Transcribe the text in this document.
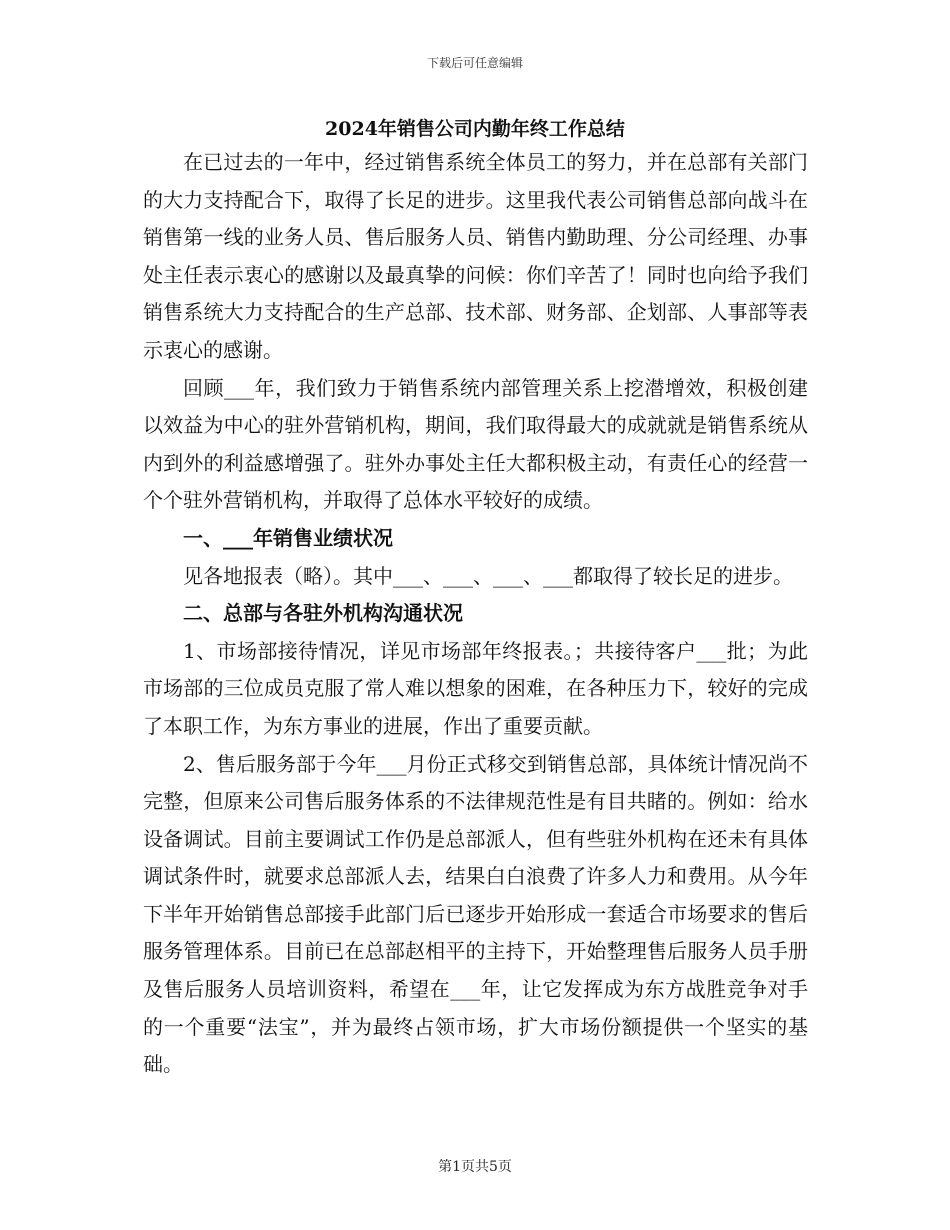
下载后可任意编辑
2024年销售公司内勤年终工作总结

在已过去的一年中，经过销售系统全体员工的努力，并在总部有关部门的大力支持配合下，取得了长足的进步。这里我代表公司销售总部向战斗在销售第一线的业务人员、售后服务人员、销售内勤助理、分公司经理、办事处主任表示衷心的感谢以及最真挚的问候：你们辛苦了！同时也向给予我们销售系统大力支持配合的生产总部、技术部、财务部、企划部、人事部等表示衷心的感谢。

回顾___年，我们致力于销售系统内部管理关系上挖潜增效，积极创建以效益为中心的驻外营销机构，期间，我们取得最大的成就就是销售系统从内到外的利益感增强了。驻外办事处主任大都积极主动，有责任心的经营一个个驻外营销机构，并取得了总体水平较好的成绩。

一、___年销售业绩状况

见各地报表（略）。其中___、___、___、___都取得了较长足的进步。

二、总部与各驻外机构沟通状况

1、市场部接待情况，详见市场部年终报表。；共接待客户___批；为此市场部的三位成员克服了常人难以想象的困难，在各种压力下，较好的完成了本职工作，为东方事业的进展，作出了重要贡献。

2、售后服务部于今年___月份正式移交到销售总部，具体统计情况尚不完整，但原来公司售后服务体系的不法律规范性是有目共睹的。例如：给水设备调试。目前主要调试工作仍是总部派人，但有些驻外机构在还未有具体调试条件时，就要求总部派人去，结果白白浪费了许多人力和费用。从今年下半年开始销售总部接手此部门后已逐步开始形成一套适合市场要求的售后服务管理体系。目前已在总部赵相平的主持下，开始整理售后服务人员手册及售后服务人员培训资料，希望在___年，让它发挥成为东方战胜竞争对手的一个重要“法宝”，并为最终占领市场，扩大市场份额提供一个坚实的基础。

第1页共5页
